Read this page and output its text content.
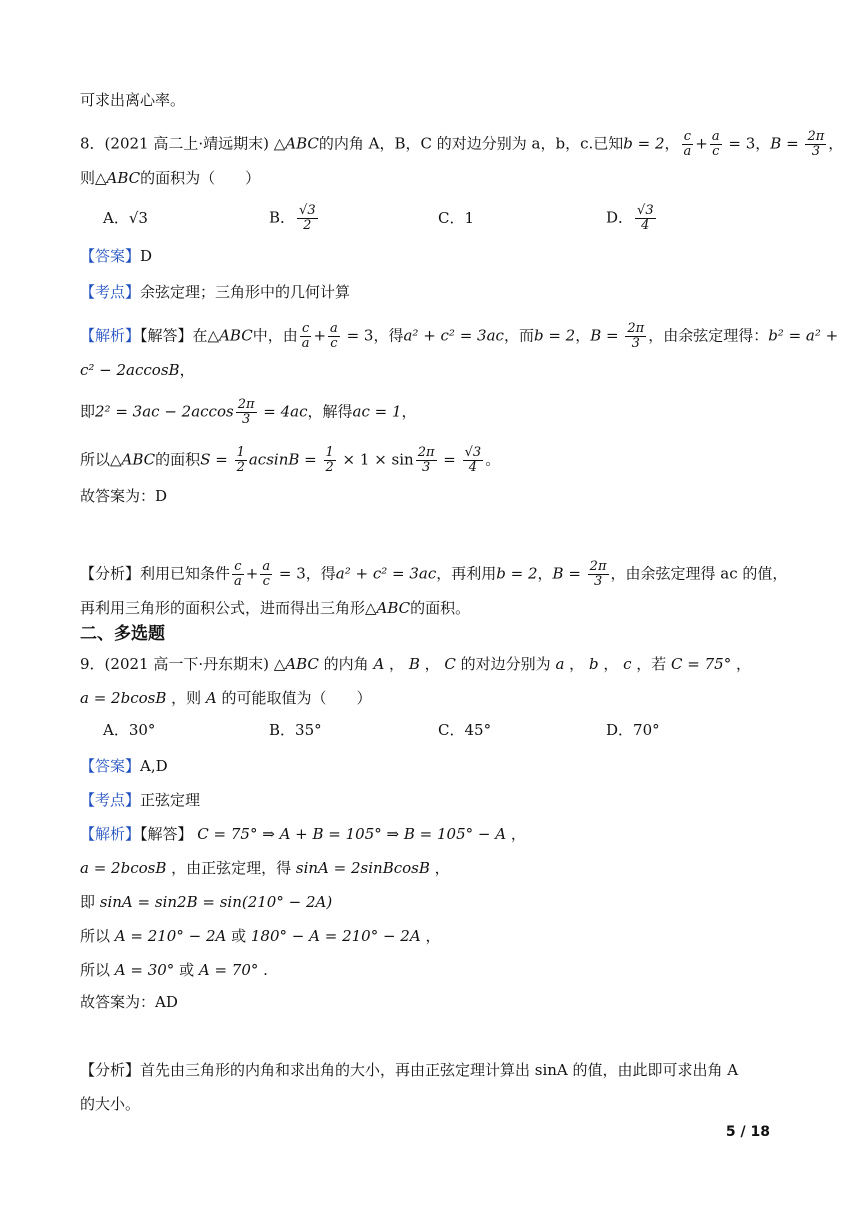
可求出离心率。
8．(2021 高二上·靖远期末) △ABC的内角 A，B，C 的对边分别为 a，b，c.已知b = 2， $\frac{c}{a} + \frac{a}{c} = 3$，$B = \frac{2\pi}{3}$ ，
则△ABC的面积为（　　）
A．√3	B． $\frac{√3}{2}$	C．1	D． $\frac{√3}{4}$
【答案】D
【考点】余弦定理；三角形中的几何计算
【解析】【解答】在△ABC中，由 $\frac{c}{a} + \frac{a}{c} = 3$，得a² + c² = 3ac，而b = 2，$B = \frac{2\pi}{3}$ ，由余弦定理得：b² = a² +
c² − 2accosB，
即$2^2 = 3ac - 2accos \frac{2\pi}{3} = 4ac$，解得ac = 1，
所以△ABC的面积$S = \frac{1}{2}$ $acsinB = \frac{1}{2} \times 1 \times \sin \frac{2\pi}{3} = \frac{√3}{4}$ 。
故答案为：D
【分析】利用已知条件 $\frac{c}{a} + \frac{a}{c} = 3$，得a² + c² = 3ac，再利用b = 2，$B = \frac{2\pi}{3}$ ，由余弦定理得 ac 的值，
再利用三角形的面积公式，进而得出三角形△ABC的面积。
二、多选题
9．(2021 高一下·丹东期末) △ABC 的内角 A ， B ， C 的对边分别为 a ， b ， c ，若 C = 75° ，
a = 2bcosB ，则 A 的可能取值为（　　）
A．30°	B．35°	C．45°	D．70°
【答案】A,D
【考点】正弦定理
【解析】【解答】 C = 75° ⇒ A + B = 105° ⇒ B = 105° − A ，
a = 2bcosB ，由正弦定理，得 sinA = 2sinBcosB ，
即 sinA = sin2B = sin(210° − 2A)
所以 A = 210° − 2A 或 180° − A = 210° − 2A ，
所以 A = 30° 或 A = 70° .
故答案为：AD
【分析】首先由三角形的内角和求出角的大小，再由正弦定理计算出 sinA 的值，由此即可求出角 A
的大小。
5 / 18
